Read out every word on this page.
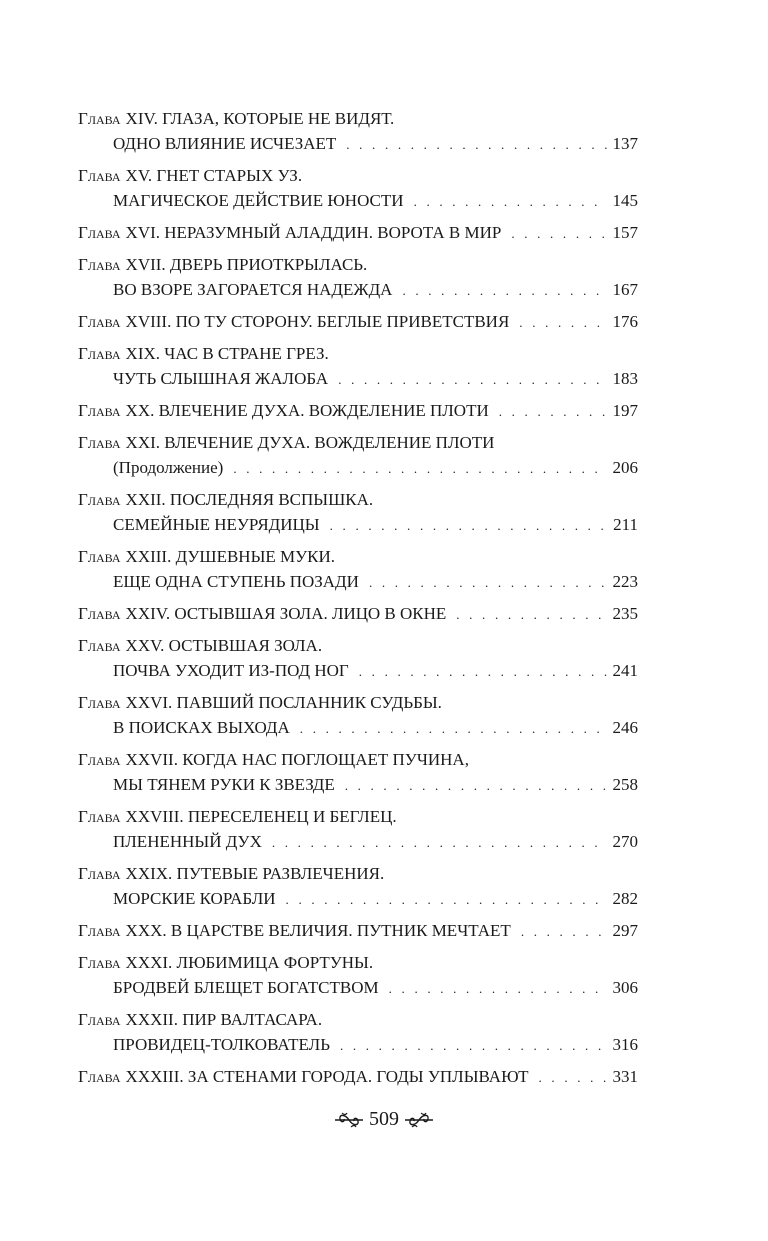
Глава XIV. ГЛАЗА, КОТОРЫЕ НЕ ВИДЯТ.
ОДНО ВЛИЯНИЕ ИСЧЕЗАЕТ . . .	137
Глава XV. ГНЕТ СТАРЫХ УЗ.
МАГИЧЕСКОЕ ДЕЙСТВИЕ ЮНОСТИ . . .	145
Глава XVI. НЕРАЗУМНЫЙ АЛАДДИН. ВОРОТА В МИР . . .	157
Глава XVII. ДВЕРЬ ПРИОТКРЫЛАСЬ.
ВО ВЗОРЕ ЗАГОРАЕТСЯ НАДЕЖДА . . .	167
Глава XVIII. ПО ТУ СТОРОНУ. БЕГЛЫЕ ПРИВЕТСТВИЯ . . .	176
Глава XIX. ЧАС В СТРАНЕ ГРЕЗ.
ЧУТЬ СЛЫШНАЯ ЖАЛОБА . . .	183
Глава XX. ВЛЕЧЕНИЕ ДУХА. ВОЖДЕЛЕНИЕ ПЛОТИ . . .	197
Глава XXI. ВЛЕЧЕНИЕ ДУХА. ВОЖДЕЛЕНИЕ ПЛОТИ
(Продолжение) . . .	206
Глава XXII. ПОСЛЕДНЯЯ ВСПЫШКА.
СЕМЕЙНЫЕ НЕУРЯДИЦЫ . . .	211
Глава XXIII. ДУШЕВНЫЕ МУКИ.
ЕЩЕ ОДНА СТУПЕНЬ ПОЗАДИ . . .	223
Глава XXIV. ОСТЫВШАЯ ЗОЛА. ЛИЦО В ОКНЕ . . .	235
Глава XXV. ОСТЫВШАЯ ЗОЛА.
ПОЧВА УХОДИТ ИЗ-ПОД НОГ . . .	241
Глава XXVI. ПАВШИЙ ПОСЛАННИК СУДЬБЫ.
В ПОИСКАХ ВЫХОДА . . .	246
Глава XXVII. КОГДА НАС ПОГЛОЩАЕТ ПУЧИНА,
МЫ ТЯНЕМ РУКИ К ЗВЕЗДЕ . . .	258
Глава XXVIII. ПЕРЕСЕЛЕНЕЦ И БЕГЛЕЦ.
ПЛЕНЕННЫЙ ДУХ . . .	270
Глава XXIX. ПУТЕВЫЕ РАЗВЛЕЧЕНИЯ.
МОРСКИЕ КОРАБЛИ . . .	282
Глава XXX. В ЦАРСТВЕ ВЕЛИЧИЯ. ПУТНИК МЕЧТАЕТ . . .	297
Глава XXXI. ЛЮБИМИЦА ФОРТУНЫ.
БРОДВЕЙ БЛЕЩЕТ БОГАТСТВОМ . . .	306
Глава XXXII. ПИР ВАЛТАСАРА.
ПРОВИДЕЦ-ТОЛКОВАТЕЛЬ . . .	316
Глава XXXIII. ЗА СТЕНАМИ ГОРОДА. ГОДЫ УПЛЫВАЮТ . . .	331
509
